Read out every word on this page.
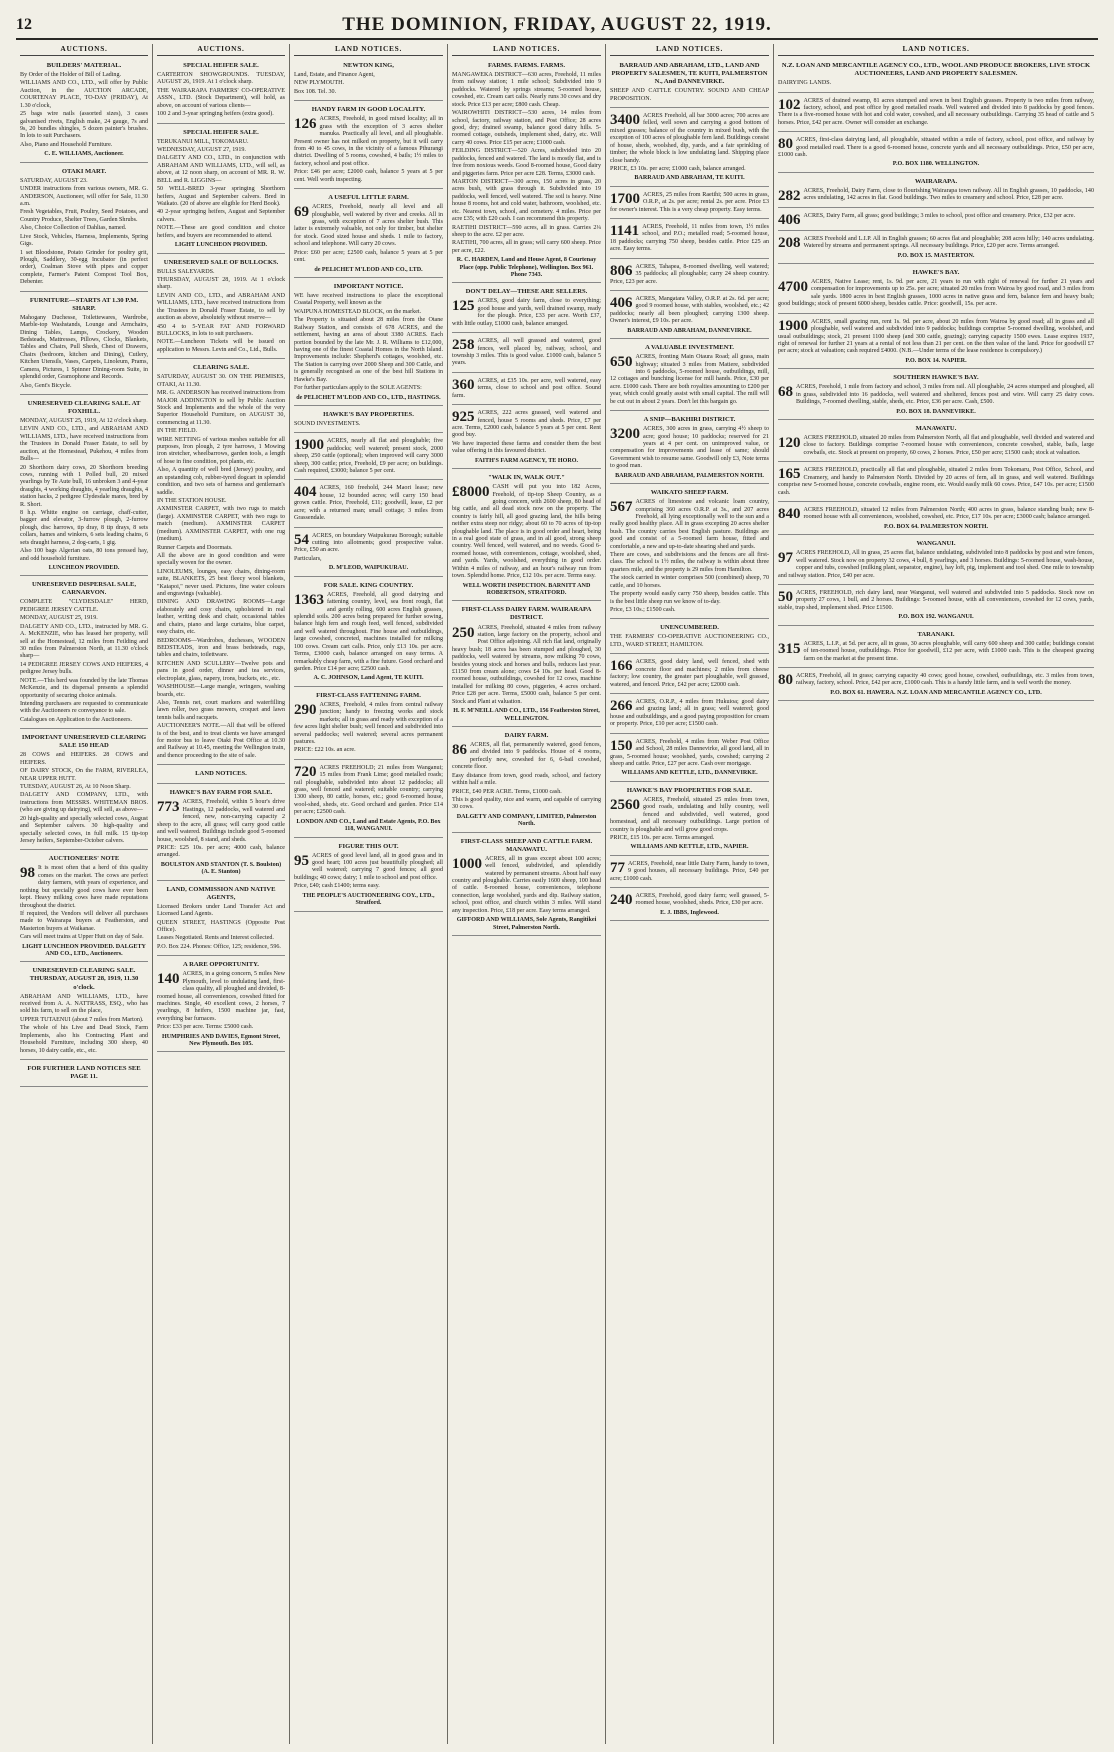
12	THE DOMINION, FRIDAY, AUGUST 22, 1919.
AUCTIONS.
BUILDERS' MATERIAL.
By Order of the Holder of Bill of Lading.
WILLIAMS AND CO., LTD., will offer by Public Auction, in the AUCTION ARCADE, COURTENAY PLACE, TO-DAY (FRIDAY), At 1.30 o'clock,
25 bags wire nails (assorted sizes), 3 cases galvanised rivets, English make, 24 gauge, 7s and 9s, 20 bundles shingles, 5 dozen painter's brushes. In lots to suit Purchasers.
Also, Piano and Household Furniture.
C. E. WILLIAMS, Auctioneer.
OTAKI MART.
SATURDAY, AUGUST 23.
UNDER instructions from various owners, MR. G. ANDERSON, Auctioneer, will offer for Sale, 11.30 a.m.
Fresh Vegetables, Fruit, Poultry, Seed Potatoes, and Country Produce, Shelter Trees, Garden Shrubs.
Also, Choice Collection of Dahlias, named.
Live Stock, Vehicles, Harness, Implements, Spring Gigs.
1 set Bloodstone, Potato Grinder for poultry grit, Plough, Saddlery, 30-egg Incubator (in perfect order), Coalman Stove with pipes and copper complete, Farmer's Patent Compost Tool Box, Debenter.
FURNITURE—STARTS AT 1.30 P.M. SHARP.
Mahogany Duchesse, Toilettewares, Wardrobe, Marble-top Washstands, Lounge and Armchairs, Dining Tables, Lamps, Crockery, Wooden Bedsteads, Mattresses, Pillows, Clocks, Blankets, Tables and Chairs, Pull Sheds, Chest of Drawers, Chairs (bedroom, kitchen and Dining), Cutlery, Kitchen Utensils, Vases, Carpets, Linoleum, Prams, Camera, Pictures, 1 Spinner Dining-room Suite, in splendid order, Gramophone and Records.
Also, Gent's Bicycle.
UNRESERVED CLEARING SALE. AT FOXHILL.
MONDAY, AUGUST 25, 1919, At 12 o'clock sharp.
LEVIN AND CO., LTD., and ABRAHAM AND WILLIAMS, LTD., have received instructions from the Trustees in Donald Fraser Estate, to sell by auction, at the Homestead, Pukehou, 4 miles from Bulls—
20 Shorthorn dairy cows, 20 Shorthorn breeding cows, running with 1 Polled bull, 20 mixed yearlings by Te Aute bull, 16 unbroken 3 and 4-year draughts, 4 working draughts, 4 yearling draughts, 4 station hacks, 2 pedigree Clydesdale mares, bred by R. Short.
8 h.p. Whitte engine on carriage, chaff-cutter, bagger and elevator, 3-furrow plough, 2-furrow plough, disc harrows, tip dray, 8 tip drays, 8 sets collars, hames and winkers, 6 sets leading chains, 6 sets draught harness, 2 dog-carts, 1 gig.
Also 100 bags Algerian oats, 80 tons pressed hay, and odd household furniture.
LUNCHEON PROVIDED.
UNRESERVED DISPERSAL SALE, CARNARVON.
COMPLETE "CLYDESDALE" HERD, PEDIGREE JERSEY CATTLE.
MONDAY, AUGUST 25, 1919.
DALGETY AND CO., LTD., instructed by MR. G. A. McKENZIE, who has leased her property, will sell at the Homestead, 12 miles from Feilding and 30 miles from Palmerston North, at 11.30 o'clock sharp—
14 PEDIGREE JERSEY COWS AND HEIFERS, 4 pedigree Jersey bulls.
NOTE.—This herd was founded by the late Thomas McKenzie, and its dispersal presents a splendid opportunity of securing choice animals.
Intending purchasers are requested to communicate with the Auctioneers re conveyance to sale.
Catalogues on Application to the Auctioneers.
IMPORTANT UNRESERVED CLEARING SALE 150 HEAD
28 COWS and HEIFERS. 28 COWS and HEIFERS.
OF DAIRY STOCK, On the FARM, RIVERLEA, NEAR UPPER HUTT.
TUESDAY, AUGUST 26, At 10 Noon Sharp.
DALGETY AND COMPANY, LTD., with instructions from MESSRS. WHITEMAN BROS. (who are giving up dairying), will sell, as above—
20 high-quality and specially selected cows, August and September calvers. 30 high-quality and specially selected cows, in full milk. 15 tip-top Jersey heifers, September-October calvers.
AUCTIONEERS' NOTE
98 It is most often that a herd of this quality comes on the market. The cows are perfect dairy farmers, with years of experience, and nothing but specially good cows have ever been kept. Heavy milking cows have made reputations throughout the district.
If required, the Vendors will deliver all purchases made to Wairarapa buyers at Featherston, and Masterton buyers at Waikanae.
Cars will meet trains at Upper Hutt on day of Sale.
LIGHT LUNCHEON PROVIDED. DALGETY AND CO., LTD., Auctioneers.
UNRESERVED CLEARING SALE. THURSDAY, AUGUST 28, 1919, 11.30 o'clock.
ABRAHAM AND WILLIAMS, LTD., have received from A. A. NATTRASS, ESQ., who has sold his farm, to sell on the place,
UPPER TUTAENUI (about 7 miles from Marton).
The whole of his Live and Dead Stock, Farm Implements, also his Contracting Plant and Household Furniture, including 300 sheep, 40 horses, 10 dairy cattle, etc., etc.
FOR FURTHER LAND NOTICES SEE PAGE 11.
AUCTIONS.
SPECIAL HEIFER SALE.
CARTERTON SHOWGROUNDS. TUESDAY, AUGUST 26, 1919. At 1 o'clock sharp.
THE WAIRARAPA FARMERS' CO-OPERATIVE ASSN., LTD. (Stock Department), will hold, as above, on account of various clients—
100 2 and 3-year springing heifers (extra good).
SPECIAL HEIFER SALE.
TERUKANUI MILL, TOKOMARU.
WEDNESDAY, AUGUST 27, 1919.
DALGETY AND CO., LTD., in conjunction with ABRAHAM AND WILLIAMS, LTD., will sell, as above, at 12 noon sharp, on account of MR. R. W. BELL and R. LIGGINS—
50 WELL-BRED 3-year springing Shorthorn heifers, August and September calvers. Bred in Waikato. (20 of above are eligible for Herd Book).
40 2-year springing heifers, August and September calvers.
NOTE.—These are good condition and choice heifers, and buyers are recommended to attend.
LIGHT LUNCHEON PROVIDED.
UNRESERVED SALE OF BULLOCKS.
BULLS SALEYARDS.
THURSDAY, AUGUST 28, 1919. At 1 o'clock sharp.
LEVIN AND CO., LTD., and ABRAHAM AND WILLIAMS, LTD., have received instructions from the Trustees in Donald Fraser Estate, to sell by auction as above, absolutely without reserve—
450 4 to 5-YEAR FAT AND FORWARD BULLOCKS, in lots to suit purchasers.
NOTE.—Luncheon Tickets will be issued on application to Messrs. Levin and Co., Ltd., Bulls.
CLEARING SALE.
SATURDAY, AUGUST 30. ON THE PREMISES, OTAKI, At 11.30.
MR. G. ANDERSON has received instructions from MAJOR ADDINGTON to sell by Public Auction Stock and Implements and the whole of the very Superior Household Furniture, on AUGUST 30, commencing at 11.30.
IN THE FIELD.
WIRE NETTING of various meshes suitable for all purposes, Iron plough, 2 tyre harrows, 1 Mowing iron stretcher, wheelbarrows, garden tools, a length of hose in fine condition, pot plants, etc.
Also, A quantity of well bred (Jersey) poultry, and an upstanding cob, rubber-tyred dogcart in splendid condition, and two sets of harness and gentleman's saddle.
IN THE STATION HOUSE.
AXMINSTER CARPET, with two rugs to match (large). AXMINSTER CARPET, with two rugs to match (medium). AXMINSTER CARPET (medium). AXMINSTER CARPET, with one rug (medium).
Runner Carpets and Doormats.
All the above are in good condition and were specially woven for the owner.
LINOLEUMS, lounges, easy chairs, dining-room suite, BLANKETS, 25 best fleecy wool blankets, "Kaiapoi," never used. Pictures, fine water colours and engravings (valuable).
DINING AND DRAWING ROOMS—Large elaborately and cosy chairs, upholstered in real leather, writing desk and chair, occasional tables and chairs, piano and large curtains, blue carpet, easy chairs, etc.
BEDROOMS—Wardrobes, duchesses, WOODEN BEDSTEADS, iron and brass bedsteads, rugs, tables and chairs, toilettware.
KITCHEN AND SCULLERY—Twelve pots and pans in good order, dinner and tea services, electroplate, glass, napery, irons, buckets, etc., etc.
WASHHOUSE—Large mangle, wringers, washing boards, etc.
Also, Tennis net, court markers and waterfilling lawn roller, two grass mowers, croquet and lawn tennis balls and racquets.
AUCTIONEER'S NOTE.—All that will be offered is of the best, and to treat clients we have arranged for motor bus to leave Otaki Post Office at 10.30 and Railway at 10.45, meeting the Wellington train, and thence proceeding to the site of sale.
LAND NOTICES.
HAWKE'S BAY FARM FOR SALE.
773 ACRES, Freehold, within 5 hour's drive Hastings, 12 paddocks, well watered and fenced, new, non-carrying capacity 2 sheep to the acre, all grass; will carry good cattle and well watered. Buildings include good 5-roomed house, woolshed, 8 stand, and sheds.
PRICE: £25 10s. per acre; 4000 cash, balance arranged.
BOULSTON AND STANTON (T. S. Boulston) (A. E. Stanton)
LAND, COMMISSION AND NATIVE AGENTS,
Licensed Brokers under Land Transfer Act and Licensed Land Agents.
QUEEN STREET, HASTINGS (Opposite Post Office).
Leases Negotiated. Rents and Interest collected.
P.O. Box 224. Phones: Office, 125; residence, 596.
A RARE OPPORTUNITY.
140 ACRES, in a going concern, 5 miles New Plymouth, level to undulating land, first-class quality, all ploughed and divided, 8-roomed house, all conveniences, cowshed fitted for machines. Single, 40 excellent cows, 2 horses, 7 yearlings, 8 heifers, 1500 machine jar, fast, everything bar furnaces.
Price: £33 per acre. Terms: £5000 cash.
HUMPHRIES AND DAVIES, Egmont Street, New Plymouth. Box 105.
LAND NOTICES.
NEWTON KING,
Land, Estate, and Finance Agent,
NEW PLYMOUTH.
Box 108. Tel. 30.
HANDY FARM IN GOOD LOCALITY.
126 ACRES, Freehold, in good mixed locality; all in grass with the exception of 3 acres shelter manuka. Practically all level, and all ploughable. Present owner has not milked on property, but it will carry from 40 to 45 cows, in the vicinity of a famous Pihurangi district. Dwelling of 5 rooms, cowshed, 4 bails; 1½ miles to factory, school and post office.
Price: £46 per acre; £2000 cash, balance 5 years at 5 per cent. Well worth inspecting.
A USEFUL LITTLE FARM.
69 ACRES, Freehold, nearly all level and all ploughable, well watered by river and creeks. All in grass, with exception of 7 acres shelter bush. This latter is extremely valuable, not only for timber, but shelter for stock. Good sized house and sheds. 1 mile to factory, school and telephone. Will carry 20 cows.
Price: £60 per acre; £2500 cash, balance 5 years at 5 per cent.
de PELICHET M'LEOD AND CO., LTD.
IMPORTANT NOTICE.
WE have received instructions to place the exceptional Coastal Property, well known as the
WAIPUNA HOMESTEAD BLOCK, on the market.
The Property is situated about 28 miles from the Otane Railway Station, and consists of 678 ACRES, and the settlement, having an area of about 3380 ACRES. Each portion bounded by the late Mr. J. R. Williams to £12,000, having one of the finest Coastal Homes in the North Island. Improvements include: Shepherd's cottages, woolshed, etc. The Station is carrying over 2000 Sheep and 300 Cattle, and is generally recognised as one of the best hill Stations in Hawke's Bay.
For further particulars apply to the SOLE AGENTS:
de PELICHET M'LEOD AND CO., LTD., HASTINGS.
HAWKE'S BAY PROPERTIES.
SOUND INVESTMENTS.
1900 ACRES, nearly all flat and ploughable; five paddocks; well watered; present stock, 2000 sheep, 250 cattle (optional); when improved will carry 3000 sheep, 300 cattle; price, Freehold, £9 per acre; on buildings. Cash required, £3000; balance 5 per cent.
404 ACRES, 160 freehold, 244 Maori lease; new house, 12 bounded acres; will carry 150 head grown cattle. Price, Freehold, £11; goodwill, lease, £2 per acre; with a returned man; small cottage; 3 miles from Grassendale.
54 ACRES, on boundary Waipukurau Borough; suitable cutting into allotments; good prospective value. Price, £50 an acre.
Particulars,
D. M'LEOD, WAIPUKURAU.
FOR SALE. KING COUNTRY.
1363 ACRES, Freehold, all good dairying and fattening country, level, sea front rough, flat and gently rolling, 600 acres English grasses, splendid soils. 200 acres being prepared for further sowing, balance high fern and rough feed, well fenced, subdivided and well watered throughout. Fine house and outbuildings, large cowshed, concreted, machines installed for milking 100 cows. Cream cart calls. Price, only £13 10s. per acre. Terms, £3000 cash, balance arranged on easy terms. A remarkably cheap farm, with a fine future. Good orchard and garden. Price £14 per acre; £2500 cash.
A. C. JOHNSON, Land Agent, TE KUITI.
FIRST-CLASS FATTENING FARM.
290 ACRES, Freehold, 4 miles from central railway junction; handy to freezing works and stock markets; all in grass and ready with exception of a few acres light shelter bush; well fenced and subdivided into several paddocks; well watered; several acres permanent pastures.
PRICE: £22 10s. an acre.
720 ACRES FREEHOLD; 21 miles from Wanganui; 15 miles from Frank Lime; good metalled roads; rail ploughable, subdivided into about 12 paddocks; all grass, well fenced and watered; suitable country; carrying 1300 sheep, 80 cattle, horses, etc.; good 6-roomed house, wool-shed, sheds, etc. Good orchard and garden. Price £14 per acre; £2500 cash.
LONDON AND CO., Land and Estate Agents, P.O. Box 118, WANGANUI.
FIGURE THIS OUT.
95 ACRES of good level land, all in good grass and in good heart; 100 acres just beautifully ploughed; all well watered; carrying 7 good fences; all good buildings; 40 cows; dairy; 1 mile to school and post office.
Price, £40; cash £1400; terms easy.
THE PEOPLE'S AUCTIONEERING COY., LTD., Stratford.
LAND NOTICES.
FARMS. FARMS. FARMS.
MANGAWEKA DISTRICT—630 acres, Freehold, 11 miles from railway station; 1 mile school; Subdivided into 9 paddocks. Watered by springs streams; 5-roomed house, cowshed, etc. Cream cart calls. Nearly runs 30 cows and dry stock. Price £13 per acre; £800 cash. Cheap.
WAIROWHITI DISTRICT—530 acres, 14 miles from school, factory, railway station, and Post Office; 28 acres good, dry; drained swamp, balance good dairy hills. 5-roomed cottage, outsheds, implement shed, dairy, etc. Will carry 40 cows. Price £15 per acre; £1000 cash.
FEILDING DISTRICT—520 Acres, subdivided into 20 paddocks, fenced and watered. The land is mostly flat, and is free from noxious weeds. Good 8-roomed house, Good dairy and piggeries farm. Price per acre £28. Terms, £3000 cash.
MARTON DISTRICT—300 acres, 150 acres in grass, 20 acres bush, with grass through it. Subdivided into 19 paddocks, well fenced, well watered. The soil is heavy. Nine house 8 rooms, hot and cold water, bathroom, woolshed, etc. etc. Nearest town, school, and cemetery. 4 miles. Price per acre £35; with £20 cash. I can recommend this property.
RAETIHI DISTRICT—590 acres, all in grass. Carries 2¼ sheep to the acre. £2 per acre.
RAETIHI, 700 acres, all in grass; will carry 600 sheep. Price per acre, £22.
R. C. HARDEN, Land and House Agent, 8 Courtenay Place (opp. Public Telephone), Wellington. Box 961. Phone 7343.
DON'T DELAY—THESE ARE SELLERS.
125 ACRES, good dairy farm, close to everything; good house and yards, well drained swamp, ready for the plough. Price, £33 per acre. Worth £37, with little outlay, £1000 cash, balance arranged.
258 ACRES, all well grassed and watered, good fences, well placed by, railway, school, and township 3 miles. This is good value. £1000 cash, balance 5 years.
360 ACRES, at £35 10s. per acre, well watered, easy terms, close to school and post office. Sound farm.
925 ACRES, 222 acres grassed, well watered and fenced, house 5 rooms and sheds. Price, £7 per acre. Terms, £2000 cash, balance 5 years at 5 per cent. Rent good buy.
We have inspected these farms and consider them the best value offering in this favoured district.
FAITH'S FARM AGENCY, TE HORO.
"WALK IN, WALK OUT."
£8000 CASH will put you into 182 Acres, Freehold, of tip-top Sheep Country, as a going concern, with 2600 sheep, 80 head of big cattle, and all dead stock now on the property. The country is fairly hill, all good grazing land, the hills being neither extra steep nor ridgy; about 60 to 70 acres of tip-top ploughable land. The place is in good order and heart, being in a real good state of grass, and in all good, strong sheep country. Well fenced, well watered, and no weeds. Good 6-roomed house, with conveniences, cottage, woolshed, shed, and yards. Yards, woolshed, everything in good order. Within 4 miles of railway, and an hour's railway run from town. Splendid home. Price, £12 10s. per acre. Terms easy.
WELL WORTH INSPECTION. BARNITT AND ROBERTSON, STRATFORD.
FIRST-CLASS DAIRY FARM. WAIRARAPA DISTRICT.
250 ACRES, Freehold, situated 4 miles from railway station, large factory on the property, school and Post Office adjoining. All rich flat land, originally heavy bush; 18 acres has been stumped and ploughed, 30 paddocks, well watered by streams, now milking 70 cows, besides young stock and horses and bulls, reduces last year. £1150 from cream alone; cows £4 10s. per head. Good 8-roomed house, outbuildings, cowshed for 12 cows, machine installed for milking 80 cows, piggeries, 4 acres orchard. Price £28 per acre. Terms, £5000 cash, balance 5 per cent. Stock and Plant at valuation.
H. F. M'NEILL AND CO., LTD., 156 Featherston Street, WELLINGTON.
DAIRY FARM.
86 ACRES, all flat, permanently watered, good fences, and divided into 9 paddocks. House of 4 rooms, perfectly new, cowshed for 6, 6-bail cowshed, concrete floor.
Easy distance from town, good roads, school, and factory within half a mile.
PRICE, £40 PER ACRE. Terms, £1000 cash.
This is good quality, nice and warm, and capable of carrying 30 cows.
DALGETY AND COMPANY, LIMITED, Palmerston North.
FIRST-CLASS SHEEP AND CATTLE FARM. MANAWATU.
1000 ACRES, all in grass except about 100 acres; well fenced, subdivided, and splendidly watered by permanent streams. About half easy country and ploughable. Carries easily 1600 sheep, 100 head of cattle. 8-roomed house, conveniences, telephone connection, large woolshed, yards and dip. Railway station, school, post office, and church within 3 miles. Will stand any inspection. Price, £18 per acre. Easy terms arranged.
GIFFORD AND WILLIAMS, Sole Agents, Rangitikei Street, Palmerston North.
LAND NOTICES.
BARRAUD AND ABRAHAM, LTD., LAND AND PROPERTY SALESMEN, TE KUITI, PALMERSTON N., And DANNEVIRKE.
SHEEP AND CATTLE COUNTRY. SOUND AND CHEAP PROPOSITION.
3400 ACRES Freehold, all bar 3000 acres; 700 acres are felled, well sown and carrying a good bottom of mixed grasses; balance of the country in mixed bush, with the exception of 100 acres of ploughable fern land. Buildings consist of house, sheds, woolshed, dip, yards, and a fair sprinkling of timber; the whole block is low undulating land. Shipping place close handy.
PRICE, £3 10s. per acre; £1000 cash, balance arranged.
BARRAUD AND ABRAHAM, TE KUITI.
1700 ACRES, 25 miles from Raetihi; 500 acres in grass, O.R.P., at 2s. per acre; rental 2s. per acre. Price £3 for owner's interest. This is a very cheap property. Easy terms.
1141 ACRES, Freehold, 11 miles from town, 1½ miles school, and P.O.; metalled road; 5-roomed house, 18 paddocks; carrying 750 sheep, besides cattle. Price £25 an acre. Easy terms.
806 ACRES, Tahapea, 8-roomed dwelling, well watered; 35 paddocks; all ploughable; carry 24 sheep country. Price, £23 per acre.
406 ACRES, Mangatara Valley, O.R.P. at 2s. 6d. per acre; good 9 roomed house, with stables, woolshed, etc.; 42 paddocks; nearly all been ploughed; carrying 1300 sheep. Owner's interest, £9 10s. per acre.
BARRAUD AND ABRAHAM, DANNEVIRKE.
A VALUABLE INVESTMENT.
650 ACRES, fronting Main Otaura Road; all grass, main highway; situated 3 miles from Matiere, subdivided into 6 paddocks, 5-roomed house, outbuildings, mill, 12 cottages and bunching license for mill hands. Price, £30 per acre. £1000 cash. There are both royalties amounting to £200 per year, which could greatly assist with small capital. The mill will be cut out in about 2 years. Don't let this bargain go.
A SNIP—BAKHIRI DISTRICT.
3200 ACRES, 300 acres in grass, carrying 4½ sheep to acre; good house; 10 paddocks; reserved for 21 years at 4 per cent. on unimproved value, or compensation for improvements and lease of same; should Government wish to resume same. Goodwill only £3, Note terms to good man.
BARRAUD AND ABRAHAM, PALMERSTON NORTH.
WAIKATO SHEEP FARM.
567 ACRES of limestone and volcanic loam country, comprising 360 acres O.R.P. at 3s., and 207 acres Freehold, all lying exceptionally well to the sun and a really good healthy place. All in grass excepting 20 acres shelter bush. The country carries best English pasture. Buildings are good and consist of a 5-roomed farm house, fitted and comfortable, a new and up-to-date shearing shed and yards.
There are cows, and subdivisions and the fences are all first-class. The school is 1½ miles, the railway is within about three quarters mile, and the property is 29 miles from Hamilton.
The stock carried in winter comprises 500 (combined) sheep, 70 cattle, and 10 horses.
The property would easily carry 750 sheep, besides cattle. This is the best little sheep run we know of to-day.
Price, £3 10s.; £1500 cash.
UNENCUMBERED.
THE FARMERS' CO-OPERATIVE AUCTIONEERING CO., LTD., WARD STREET, HAMILTON.
166 ACRES, good dairy land, well fenced, shed with concrete floor and machines; 2 miles from cheese factory; low country, the greater part ploughable, well grassed, watered, and fenced. Price, £42 per acre; £2000 cash.
266 ACRES, O.R.P., 4 miles from Hukuioa; good dairy and grazing land; all in grass; well watered; good house and outbuildings, and a good paying proposition for cream or property. Price, £10 per acre; £1500 cash.
150 ACRES, Freehold, 4 miles from Weber Post Office and School, 28 miles Dannevirke, all good land, all in grass, 5-roomed house; woolshed, yards, cowshed; carrying 2 sheep and cattle. Price, £27 per acre. Cash over mortgage.
WILLIAMS AND KETTLE, LTD., DANNEVIRKE.
HAWKE'S BAY PROPERTIES FOR SALE.
2560 ACRES, Freehold, situated 25 miles from town, good roads, undulating and hilly country, well fenced and subdivided, well watered, good homestead, and all necessary outbuildings. Large portion of country is ploughable and will grow good crops.
PRICE, £15 10s. per acre. Terms arranged.
WILLIAMS AND KETTLE, LTD., NAPIER.
77 ACRES, Freehold, near little Dairy Farm, handy to town, 9 good houses, all necessary buildings. Price, £40 per acre; £1000 cash.
240 ACRES, Freehold, good dairy farm; well grassed, 5-roomed house, woolshed, sheds. Price, £30 per acre.
E. J. IBBS, Inglewood.
LAND NOTICES.
N.Z. LOAN AND MERCANTILE AGENCY CO., LTD., WOOL AND PRODUCE BROKERS, LIVE STOCK AUCTIONEERS, LAND AND PROPERTY SALESMEN.
DAIRYING LANDS.
102 ACRES of drained swamp, 81 acres stumped and sown in best English grasses. Property is two miles from railway, factory, school, and post office by good metalled roads. Well watered and divided into 8 paddocks by good fences. There is a five-roomed house with hot and cold water, cowshed, and all necessary outbuildings. Carrying 35 head of cattle and 5 horses. Price, £42 per acre. Owner will consider an exchange.
80 ACRES, first-class dairying land, all ploughable, situated within a mile of factory, school, post office, and railway by good metalled road. There is a good 6-roomed house, concrete yards and all necessary outbuildings. Price, £50 per acre, £1000 cash.
P.O. BOX 1180. WELLINGTON.
WAIRARAPA.
282 ACRES, Freehold, Dairy Farm, close to flourishing Wairarapa town railway. All in English grasses, 10 paddocks, 140 acres undulating, 142 acres in flat. Good buildings. Two miles to creamery and school. Price, £28 per acre.
406 ACRES, Dairy Farm, all grass; good buildings; 3 miles to school, post office and creamery. Price, £32 per acre.
208 ACRES Freehold and L.I.P. All in English grasses; 60 acres flat and ploughable; 208 acres hilly; 140 acres undulating. Watered by streams and permanent springs. All necessary buildings. Price, £20 per acre. Terms arranged.
P.O. BOX 15. MASTERTON.
HAWKE'S BAY.
4700 ACRES, Native Lease; rent, 1s. 9d. per acre, 21 years to run with right of renewal for further 21 years and compensation for improvements up to 25s. per acre; situated 20 miles from Wairoa by good road, and 3 miles from sale yards. 1800 acres in best English grasses, 1000 acres in native grass and fern, balance fern and heavy bush; good buildings; stock of present 6000 sheep, besides cattle. Price: goodwill, 15s. per acre.
1900 ACRES, small grazing run, rent 1s. 9d. per acre, about 20 miles from Wairoa by good road; all in grass and all ploughable, well watered and subdivided into 9 paddocks; buildings comprise 5-roomed dwelling, woolshed, and usual outbuildings; stock, 21 present 1100 sheep (and 300 cattle, grazing); carrying capacity 1500 ewes. Lease expires 1937, right of renewal for further 21 years at a rental of not less than 21 per cent. on the then value of the land. Price for goodwill £7 per acre; stock at valuation; cash required £4000. (N.B.—Under terms of the lease residence is compulsory.)
P.O. BOX 14. NAPIER.
SOUTHERN HAWKE'S BAY.
68 ACRES, Freehold, 1 mile from factory and school, 3 miles from rail. All ploughable, 24 acres stumped and ploughed, all in grass, subdivided into 16 paddocks, well watered and sheltered, fences post and wire. Will carry 25 dairy cows. Buildings, 7-roomed dwelling, stable, sheds, etc. Price, £36 per acre. Cash, £500.
P.O. BOX 18. DANNEVIRKE.
MANAWATU.
120 ACRES FREEHOLD, situated 20 miles from Palmerston North, all flat and ploughable, well divided and watered and close to factory. Buildings comprise 7-roomed house with conveniences, concrete cowshed, stable, bails, large cowbails, etc. Stock at present on property, 60 cows, 2 horses. Price, £50 per acre; £1500 cash; stock at valuation.
165 ACRES FREEHOLD, practically all flat and ploughable, situated 2 miles from Tokomaru, Post Office, School, and Creamery, and handy to Palmerston North. Divided by 20 acres of fern, all in grass, and well watered. Buildings comprise new 5-roomed house, concrete cowbails, engine room, etc. Would easily milk 60 cows. Price, £47 10s. per acre; £1500 cash.
840 ACRES FREEHOLD, situated 12 miles from Palmerston North; 400 acres in grass, balance standing bush; new 8-roomed house with all conveniences, woolshed, cowshed, etc. Price, £17 10s. per acre; £3000 cash; balance arranged.
P.O. BOX 64. PALMERSTON NORTH.
WANGANUI.
97 ACRES FREEHOLD, All in grass, 25 acres flat, balance undulating, subdivided into 8 paddocks by post and wire fences, well watered. Stock now on property 32 cows, 4 bull, 8 yearlings, and 3 horses. Buildings: 5-roomed house, wash-house, copper and tubs, cowshed (milking plant, separator, engine), hay loft, pig, implement and tool shed. One mile to township and railway station. Price, £40 per acre.
50 ACRES, FREEHOLD, rich dairy land, near Wanganui, well watered and subdivided into 5 paddocks. Stock now on property 27 cows, 1 bull, and 2 horses. Buildings: 5-roomed house, with all conveniences, cowshed for 12 cows, yards, stable, trap shed, implement shed. Price £1500.
P.O. BOX 192. WANGANUI.
TARANAKI.
315 ACRES, L.I.P., at 5d. per acre, all in grass, 30 acres ploughable, will carry 600 sheep and 300 cattle; buildings consist of ten-roomed house, outbuildings. Price for goodwill, £12 per acre, with £1000 cash. This is the cheapest grazing farm on the market at the present time.
80 ACRES, Freehold, all in grass; carrying capacity 40 cows; good house, cowshed, outbuildings, etc. 3 miles from town, railway, factory, school. Price, £42 per acre, £1000 cash. This is a handy little farm, and is well worth the money.
P.O. BOX 61. HAWERA. N.Z. LOAN AND MERCANTILE AGENCY CO., LTD.
